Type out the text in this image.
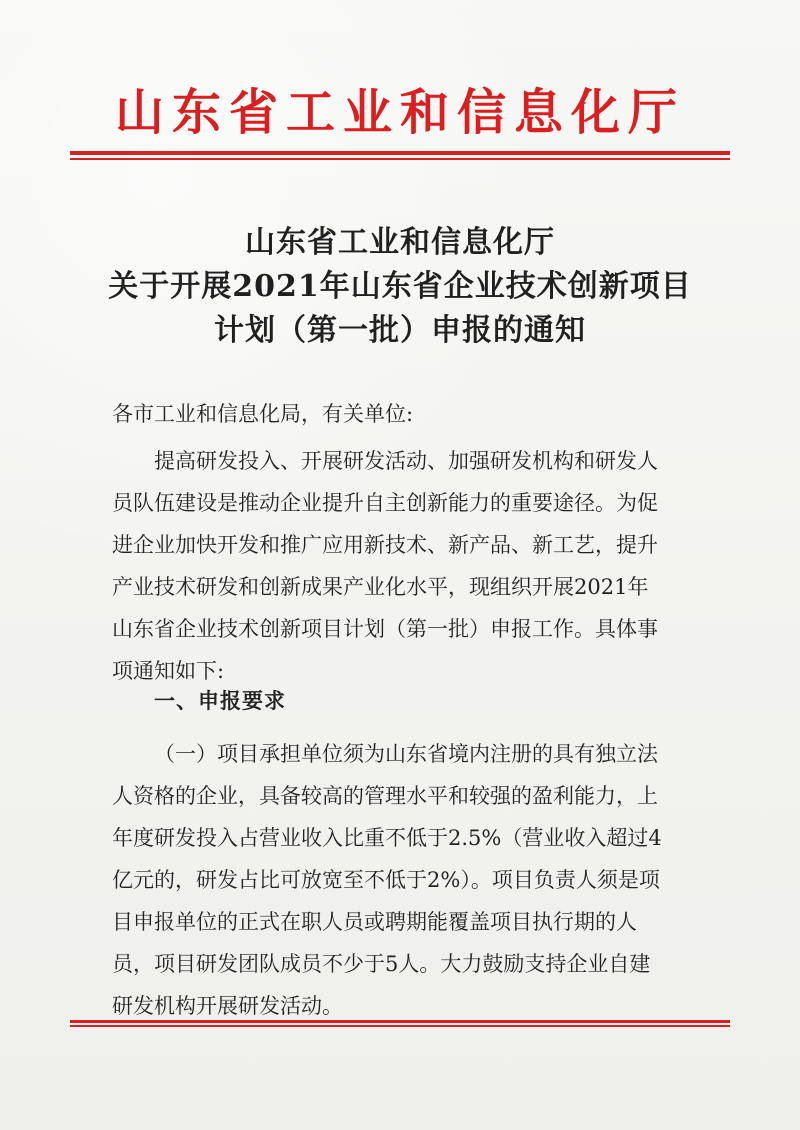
山东省工业和信息化厅
山东省工业和信息化厅
关于开展2021年山东省企业技术创新项目
计划（第一批）申报的通知
各市工业和信息化局，有关单位:
提高研发投入、开展研发活动、加强研发机构和研发人
员队伍建设是推动企业提升自主创新能力的重要途径。为促
进企业加快开发和推广应用新技术、新产品、新工艺，提升
产业技术研发和创新成果产业化水平，现组织开展2021年
山东省企业技术创新项目计划（第一批）申报工作。具体事
项通知如下:
一、申报要求
（一）项目承担单位须为山东省境内注册的具有独立法
人资格的企业，具备较高的管理水平和较强的盈利能力，上
年度研发投入占营业收入比重不低于2.5%（营业收入超过4
亿元的，研发占比可放宽至不低于2%）。项目负责人须是项
目申报单位的正式在职人员或聘期能覆盖项目执行期的人
员，项目研发团队成员不少于5人。大力鼓励支持企业自建
研发机构开展研发活动。
